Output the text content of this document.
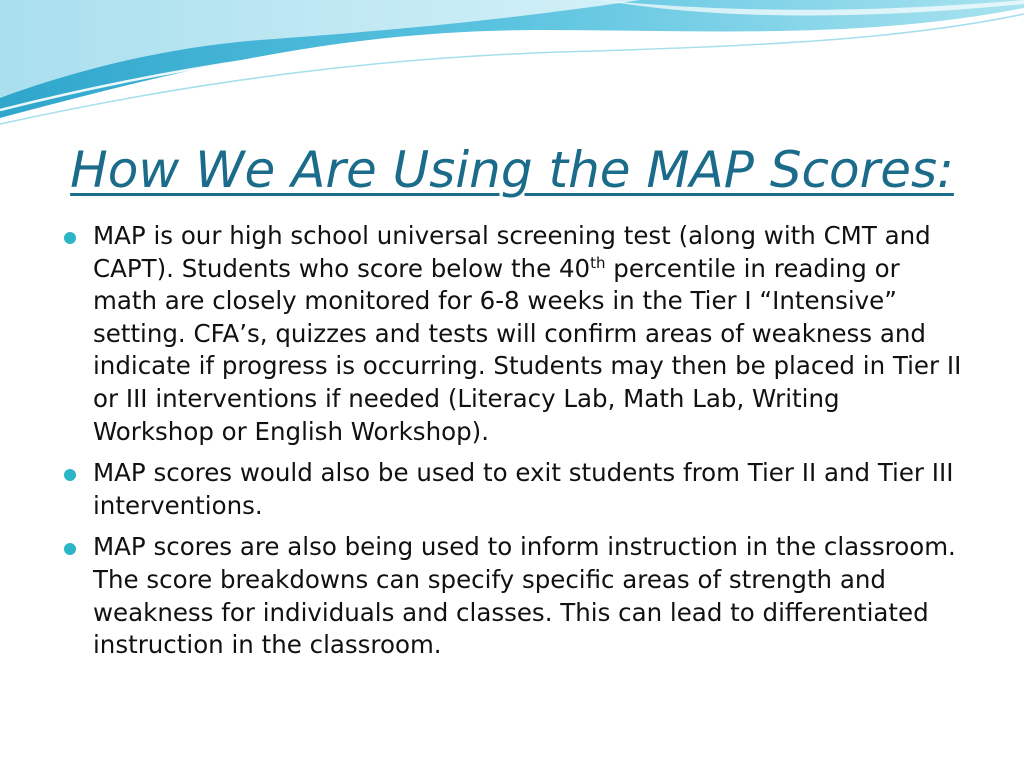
How We Are Using the MAP Scores:
MAP is our high school universal screening test (along with CMT and CAPT). Students who score below the 40th percentile in reading or math are closely monitored for 6-8 weeks in the Tier I “Intensive” setting. CFA’s, quizzes and tests will confirm areas of weakness and indicate if progress is occurring. Students may then be placed in Tier II or III interventions if needed (Literacy Lab, Math Lab, Writing Workshop or English Workshop).
MAP scores would also be used to exit students from Tier II and Tier III interventions.
MAP scores are also being used to inform instruction in the classroom. The score breakdowns can specify specific areas of strength and weakness for individuals and classes. This can lead to differentiated instruction in the classroom.
